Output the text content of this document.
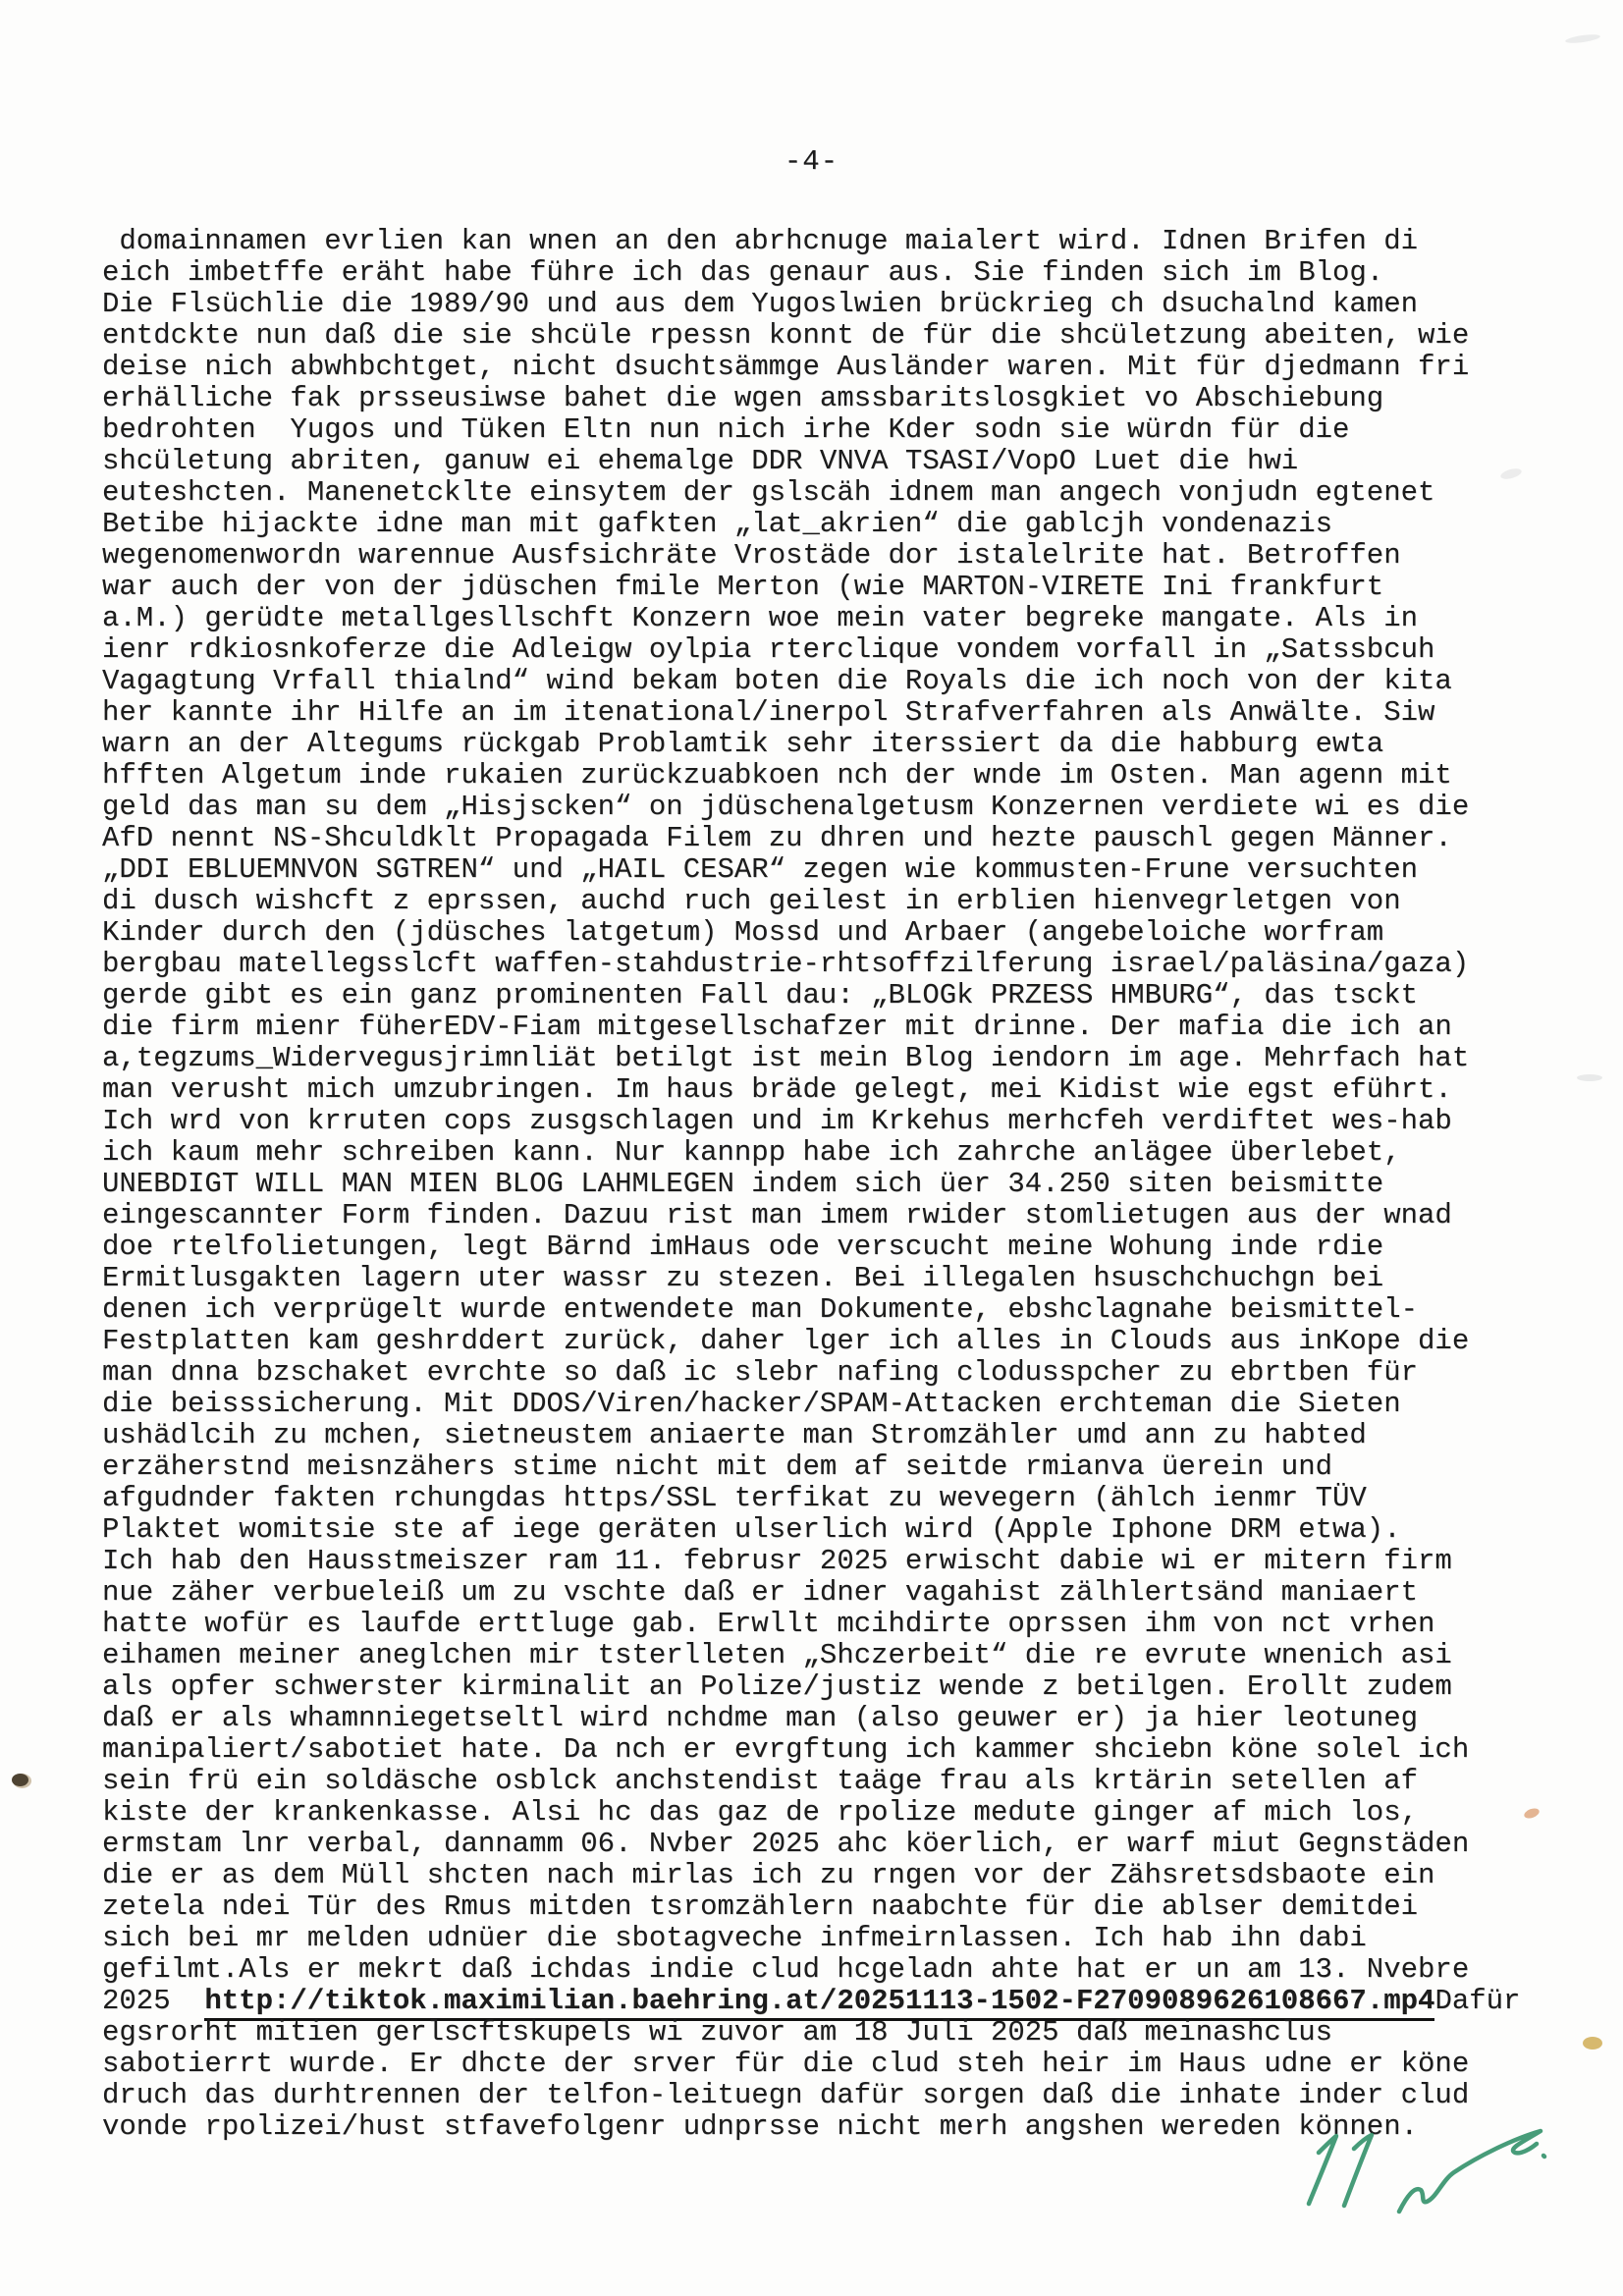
-4-
domainnamen evrlien kan wnen an den abrhcnuge maialert wird. Idnen Brifen di
eich imbetffe eräht habe führe ich das genaur aus. Sie finden sich im Blog.
Die Flsüchlie die 1989/90 und aus dem Yugoslwien brückrieg ch dsuchalnd kamen
entdckte nun daß die sie shcüle rpessn konnt de für die shcületzung abeiten, wie
deise nich abwhbchtget, nicht dsuchtsämmge Ausländer waren. Mit für djedmann fri
erhälliche fak prsseusiwse bahet die wgen amssbaritslosgkiet vo Abschiebung
bedrohten  Yugos und Tüken Eltn nun nich irhe Kder sodn sie würdn für die
shcületung abriten, ganuw ei ehemalge DDR VNVA TSASI/VopO Luet die hwi
euteshcten. Manenetcklte einsytem der gslscäh idnem man angech vonjudn egtenet
Betibe hijackte idne man mit gafkten „lat_akrien“ die gablcjh vondenazis
wegenomenwordn warennue Ausfsichräte Vrostäde dor istalelrite hat. Betroffen
war auch der von der jdüschen fmile Merton (wie MARTON-VIRETE Ini frankfurt
a.M.) gerüdte metallgesllschft Konzern woe mein vater begreke mangate. Als in
ienr rdkiosnkoferze die Adleigw oylpia rterclique vondem vorfall in „Satssbcuh
Vagagtung Vrfall thialnd“ wind bekam boten die Royals die ich noch von der kita
her kannte ihr Hilfe an im itenational/inerpol Strafverfahren als Anwälte. Siw
warn an der Altegums rückgab Problamtik sehr iterssiert da die habburg ewta
hfften Algetum inde rukaien zurückzuabkoen nch der wnde im Osten. Man agenn mit
geld das man su dem „Hisjscken“ on jdüschenalgetusm Konzernen verdiete wi es die
AfD nennt NS-Shculdklt Propagada Filem zu dhren und hezte pauschl gegen Männer.
„DDI EBLUEMNVON SGTREN“ und „HAIL CESAR“ zegen wie kommusten-Frune versuchten
di dusch wishcft z eprssen, auchd ruch geilest in erblien hienvegrletgen von
Kinder durch den (jdüsches latgetum) Mossd und Arbaer (angebeloiche worfram
bergbau matellegsslcft waffen-stahdustrie-rhtsoffzilferung israel/paläsina/gaza)
gerde gibt es ein ganz prominenten Fall dau: „BLOGk PRZESS HMBURG“, das tsckt
die firm mienr füherEDV-Fiam mitgesellschafzer mit drinne. Der mafia die ich an
a,tegzums_Widervegusjrimnliät betilgt ist mein Blog iendorn im age. Mehrfach hat
man verusht mich umzubringen. Im haus bräde gelegt, mei Kidist wie egst eführt.
Ich wrd von krruten cops zusgschlagen und im Krkehus merhcfeh verdiftet wes-hab
ich kaum mehr schreiben kann. Nur kannpp habe ich zahrche anlägee überlebet,
UNEBDIGT WILL MAN MIEN BLOG LAHMLEGEN indem sich üer 34.250 siten beismitte
eingescannter Form finden. Dazuu rist man imem rwider stomlietugen aus der wnad
doe rtelfolietungen, legt Bärnd imHaus ode verscucht meine Wohung inde rdie
Ermitlusgakten lagern uter wassr zu stezen. Bei illegalen hsuschchuchgn bei
denen ich verprügelt wurde entwendete man Dokumente, ebshclagnahe beismittel-
Festplatten kam geshrddert zurück, daher lger ich alles in Clouds aus inKope die
man dnna bzschaket evrchte so daß ic slebr nafing clodusspcher zu ebrtben für
die beisssicherung. Mit DDOS/Viren/hacker/SPAM-Attacken erchteman die Sieten
ushädlcih zu mchen, sietneustem aniaerte man Stromzähler umd ann zu habted
erzäherstnd meisnzähers stime nicht mit dem af seitde rmianva üerein und
afgudnder fakten rchungdas https/SSL terfikat zu wevegern (ählch ienmr TÜV
Plaktet womitsie ste af iege geräten ulserlich wird (Apple Iphone DRM etwa).
Ich hab den Hausstmeiszer ram 11. februsr 2025 erwischt dabie wi er mitern firm
nue zäher verbueleiß um zu vschte daß er idner vagahist zälhlertsänd maniaert
hatte wofür es laufde erttluge gab. Erwllt mcihdirte oprssen ihm von nct vrhen
eihamen meiner aneglchen mir tsterlleten „Shczerbeit“ die re evrute wnenich asi
als opfer schwerster kirminalit an Polize/justiz wende z betilgen. Erollt zudem
daß er als whamnniegetseltl wird nchdme man (also geuwer er) ja hier leotuneg
manipaliert/sabotiet hate. Da nch er evrgftung ich kammer shciebn köne solel ich
sein frü ein soldäsche osblck anchstendist taäge frau als krtärin setellen af
kiste der krankenkasse. Alsi hc das gaz de rpolize medute ginger af mich los,
ermstam lnr verbal, dannamm 06. Nvber 2025 ahc köerlich, er warf miut Gegnstäden
die er as dem Müll shcten nach mirlas ich zu rngen vor der Zähsretsdsbaote ein
zetela ndei Tür des Rmus mitden tsromzählern naabchte für die ablser demitdei
sich bei mr melden udnüer die sbotagveche infmeirnlassen. Ich hab ihn dabi
gefilmt.Als er mekrt daß ichdas indie clud hcgeladn ahte hat er un am 13. Nvebre
2025  http://tiktok.maximilian.baehring.at/20251113-1502-F2709089626108667.mp4Dafür
egsrorht mitien gerlscftskupels wi zuvor am 18 Juli 2025 daß meinashclus
sabotierrt wurde. Er dhcte der srver für die clud steh heir im Haus udne er köne
druch das durhtrennen der telfon-leituegn dafür sorgen daß die inhate inder clud
vonde rpolizei/hust stfavefolgenr udnprsse nicht merh angshen wereden können.
